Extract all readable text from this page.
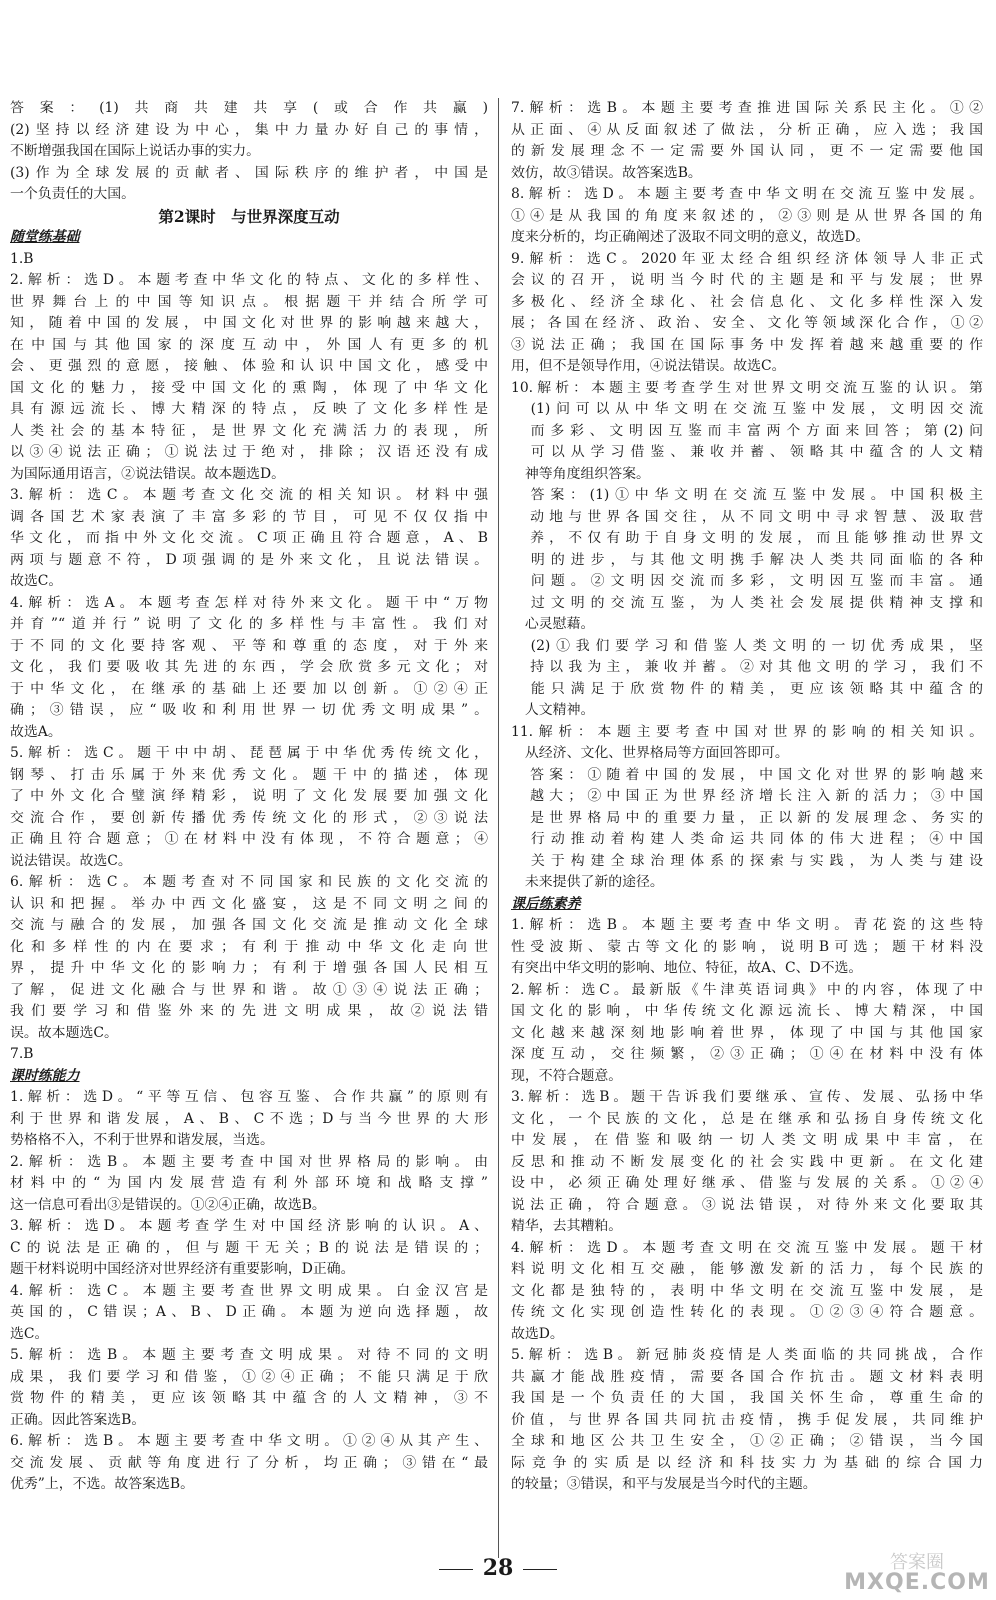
答案：(1)共商共建共享(或合作共赢)
(2)坚持以经济建设为中心，集中力量办好自己的事情，
不断增强我国在国际上说话办事的实力。
(3)作为全球发展的贡献者、国际秩序的维护者，中国是
一个负责任的大国。
第2课时　与世界深度互动
随堂练基础
1.B
2.解析：选D。本题考查中华文化的特点、文化的多样性、
世界舞台上的中国等知识点。根据题干并结合所学可
知，随着中国的发展，中国文化对世界的影响越来越大，
在中国与其他国家的深度互动中，外国人有更多的机
会、更强烈的意愿，接触、体验和认识中国文化，感受中
国文化的魅力，接受中国文化的熏陶，体现了中华文化
具有源远流长、博大精深的特点，反映了文化多样性是
人类社会的基本特征，是世界文化充满活力的表现，所
以③④说法正确；①说法过于绝对，排除；汉语还没有成
为国际通用语言，②说法错误。故本题选D。
3.解析：选C。本题考查文化交流的相关知识。材料中强
调各国艺术家表演了丰富多彩的节目，可见不仅仅指中
华文化，而指中外文化交流。C项正确且符合题意，A、B
两项与题意不符，D项强调的是外来文化，且说法错误。
故选C。
4.解析：选A。本题考查怎样对待外来文化。题干中“万物
并育”“道并行”说明了文化的多样性与丰富性。我们对
于不同的文化要持客观、平等和尊重的态度，对于外来
文化，我们要吸收其先进的东西，学会欣赏多元文化；对
于中华文化，在继承的基础上还要加以创新。①②④正
确；③错误，应“吸收和利用世界一切优秀文明成果”。
故选A。
5.解析：选C。题干中中胡、琵琶属于中华优秀传统文化，
钢琴、打击乐属于外来优秀文化。题干中的描述，体现
了中外文化合璧演绎精彩，说明了文化发展要加强文化
交流合作，要创新传播优秀传统文化的形式，②③说法
正确且符合题意；①在材料中没有体现，不符合题意；④
说法错误。故选C。
6.解析：选C。本题考查对不同国家和民族的文化交流的
认识和把握。举办中西文化盛宴，这是不同文明之间的
交流与融合的发展，加强各国文化交流是推动文化全球
化和多样性的内在要求；有利于推动中华文化走向世
界，提升中华文化的影响力；有利于增强各国人民相互
了解，促进文化融合与世界和谐。故①③④说法正确；
我们要学习和借鉴外来的先进文明成果，故②说法错
误。故本题选C。
7.B
课时练能力
1.解析：选D。“平等互信、包容互鉴、合作共赢”的原则有
利于世界和谐发展，A、B、C不选；D与当今世界的大形
势格格不入，不利于世界和谐发展，当选。
2.解析：选B。本题主要考查中国对世界格局的影响。由
材料中的“为国内发展营造有利外部环境和战略支撑”
这一信息可看出③是错误的。①②④正确，故选B。
3.解析：选D。本题考查学生对中国经济影响的认识。A、
C的说法是正确的，但与题干无关；B的说法是错误的；
题干材料说明中国经济对世界经济有重要影响，D正确。
4.解析：选C。本题主要考查世界文明成果。白金汉宫是
英国的，C错误；A、B、D正确。本题为逆向选择题，故
选C。
5.解析：选B。本题主要考查文明成果。对待不同的文明
成果，我们要学习和借鉴，①②④正确；不能只满足于欣
赏物件的精美，更应该领略其中蕴含的人文精神，③不
正确。因此答案选B。
6.解析：选B。本题主要考查中华文明。①②④从其产生、
交流发展、贡献等角度进行了分析，均正确；③错在“最
优秀”上，不选。故答案选B。
7.解析：选B。本题主要考查推进国际关系民主化。①②
从正面、④从反面叙述了做法，分析正确，应入选；我国
的新发展理念不一定需要外国认同，更不一定需要他国
效仿，故③错误。故答案选B。
8.解析：选D。本题主要考查中华文明在交流互鉴中发展。
①④是从我国的角度来叙述的，②③则是从世界各国的角
度来分析的，均正确阐述了汲取不同文明的意义，故选D。
9.解析：选C。2020年亚太经合组织经济体领导人非正式
会议的召开，说明当今时代的主题是和平与发展；世界
多极化、经济全球化、社会信息化、文化多样性深入发
展；各国在经济、政治、安全、文化等领域深化合作，①②
③说法正确；我国在国际事务中发挥着越来越重要的作
用，但不是领导作用，④说法错误。故选C。
10.解析：本题主要考查学生对世界文明交流互鉴的认识。第
　(1)问可以从中华文明在交流互鉴中发展，文明因交流
　而多彩、文明因互鉴而丰富两个方面来回答；第(2)问
　可以从学习借鉴、兼收并蓄、领略其中蕴含的人文精
　神等角度组织答案。
　答案：(1)①中华文明在交流互鉴中发展。中国积极主
　动地与世界各国交往，从不同文明中寻求智慧、汲取营
　养，不仅有助于自身文明的发展，而且能够推动世界文
　明的进步，与其他文明携手解决人类共同面临的各种
　问题。②文明因交流而多彩，文明因互鉴而丰富。通
　过文明的交流互鉴，为人类社会发展提供精神支撑和
　心灵慰藉。
　(2)①我们要学习和借鉴人类文明的一切优秀成果，坚
　持以我为主，兼收并蓄。②对其他文明的学习，我们不
　能只满足于欣赏物件的精美，更应该领略其中蕴含的
　人文精神。
11.解析：本题主要考查中国对世界的影响的相关知识。
　从经济、文化、世界格局等方面回答即可。
　答案：①随着中国的发展，中国文化对世界的影响越来
　越大；②中国正为世界经济增长注入新的活力；③中国
　是世界格局中的重要力量，正以新的发展理念、务实的
　行动推动着构建人类命运共同体的伟大进程；④中国
　关于构建全球治理体系的探索与实践，为人类与建设
　未来提供了新的途径。
课后练素养
1.解析：选B。本题主要考查中华文明。青花瓷的这些特
性受波斯、蒙古等文化的影响，说明B可选；题干材料没
有突出中华文明的影响、地位、特征，故A、C、D不选。
2.解析：选C。最新版《牛津英语词典》中的内容，体现了中
国文化的影响，中华传统文化源远流长、博大精深，中国
文化越来越深刻地影响着世界，体现了中国与其他国家
深度互动，交往频繁，②③正确；①④在材料中没有体
现，不符合题意。
3.解析：选B。题干告诉我们要继承、宣传、发展、弘扬中华
文化，一个民族的文化，总是在继承和弘扬自身传统文化
中发展，在借鉴和吸纳一切人类文明成果中丰富，在
反思和推动不断发展变化的社会实践中更新。在文化建
设中，必须正确处理好继承、借鉴与发展的关系。①②④
说法正确，符合题意。③说法错误，对待外来文化要取其
精华，去其糟粕。
4.解析：选D。本题考查文明在交流互鉴中发展。题干材
料说明文化相互交融，能够激发新的活力，每个民族的
文化都是独特的，表明中华文明在交流互鉴中发展，是
传统文化实现创造性转化的表现。①②③④符合题意。
故选D。
5.解析：选B。新冠肺炎疫情是人类面临的共同挑战，合作
共赢才能战胜疫情，需要各国合作抗击。题文材料表明
我国是一个负责任的大国，我国关怀生命，尊重生命的
价值，与世界各国共同抗击疫情，携手促发展，共同维护
全球和地区公共卫生安全，①②正确；②错误，当今国
际竞争的实质是以经济和科技实力为基础的综合国力
的较量；③错误，和平与发展是当今时代的主题。
28	答案圈
MXQE.COM
